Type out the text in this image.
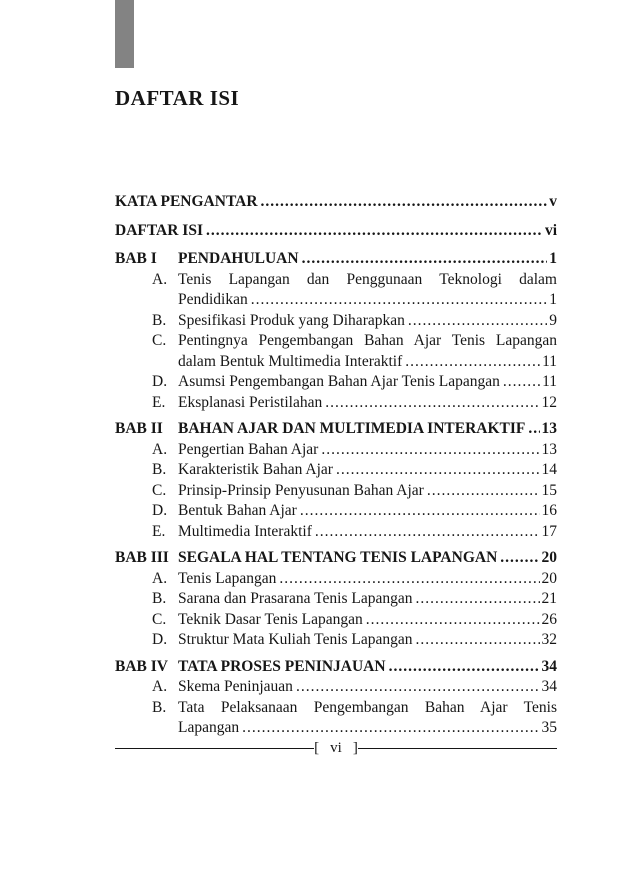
DAFTAR ISI
KATA PENGANTAR .....	v
DAFTAR ISI .....	vi
BAB I	PENDAHULUAN .....	1
A. Tenis Lapangan dan Penggunaan Teknologi dalam
Pendidikan .....	1
B. Spesifikasi Produk yang Diharapkan .....	9
C. Pentingnya Pengembangan Bahan Ajar Tenis Lapangan
dalam Bentuk Multimedia Interaktif .....	11
D. Asumsi Pengembangan Bahan Ajar Tenis Lapangan .....	11
E. Eksplanasi Peristilahan .....	12
BAB II BAHAN AJAR DAN MULTIMEDIA INTERAKTIF ..... 13
A. Pengertian Bahan Ajar .....	13
B. Karakteristik Bahan Ajar .....	14
C. Prinsip-Prinsip Penyusunan Bahan Ajar .....	15
D. Bentuk Bahan Ajar .....	16
E. Multimedia Interaktif .....	17
BAB III SEGALA HAL TENTANG TENIS LAPANGAN .....	20
A. Tenis Lapangan .....	20
B. Sarana dan Prasarana Tenis Lapangan .....	21
C. Teknik Dasar Tenis Lapangan .....	26
D. Struktur Mata Kuliah Tenis Lapangan .....	32
BAB IV TATA PROSES PENINJAUAN .....	34
A. Skema Peninjauan .....	34
B. Tata Pelaksanaan Pengembangan Bahan Ajar Tenis
Lapangan .....	35
[ vi ]
